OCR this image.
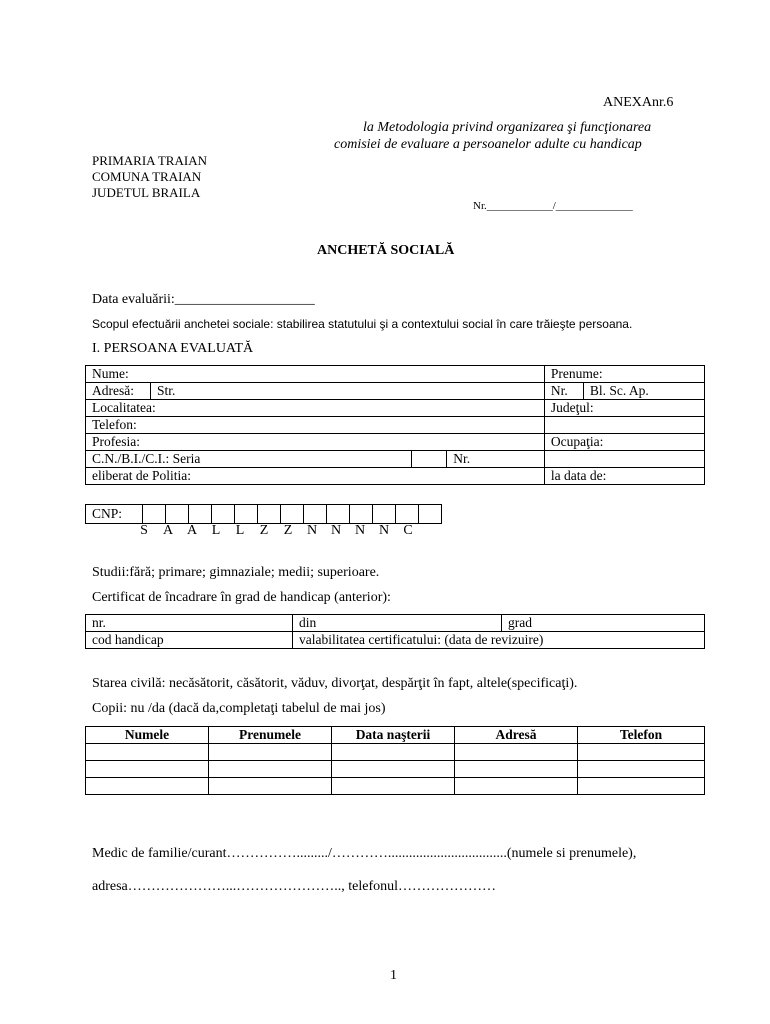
ANEXAnr.6
la Metodologia privind organizarea şi funcţionarea
comisiei de evaluare a persoanelor adulte cu handicap
PRIMARIA TRAIAN
COMUNA TRAIAN
JUDETUL BRAILA
Nr.____________/______________
ANCHETĂ SOCIALĂ
Data evaluării:____________________
Scopul efectuării anchetei sociale: stabilirea statutului şi a contextului social în care trăieşte persoana.
I. PERSOANA EVALUATĂ
Nume:				Prenume:	
Adresă:	Str.			Nr.	Bl. Sc. Ap.
Localitatea:				Judeţul:	
Telefon:					
Profesia:				Ocupaţia:	
C.N./B.I./C.I.: Seria			Nr.		
eliberat de Politia:				la data de:	
CNP:													
S A A L L Z Z N N N N C
Studii:fără; primare; gimnaziale; medii; superioare.
Certificat de încadrare în grad de handicap (anterior):
nr.	din	grad
cod handicap	valabilitatea certificatului: (data de revizuire)	
Starea civilă: necăsătorit, căsătorit, văduv, divorţat, despărţit în fapt, altele(specificaţi).
Copii: nu /da (dacă da,completaţi tabelul de mai jos)
Numele	Prenumele	Data naşterii	Adresă	Telefon

Medic de familie/curant……………........./…………..................................(numele si prenumele),
adresa…………………...………………….., telefonul…………………
1
